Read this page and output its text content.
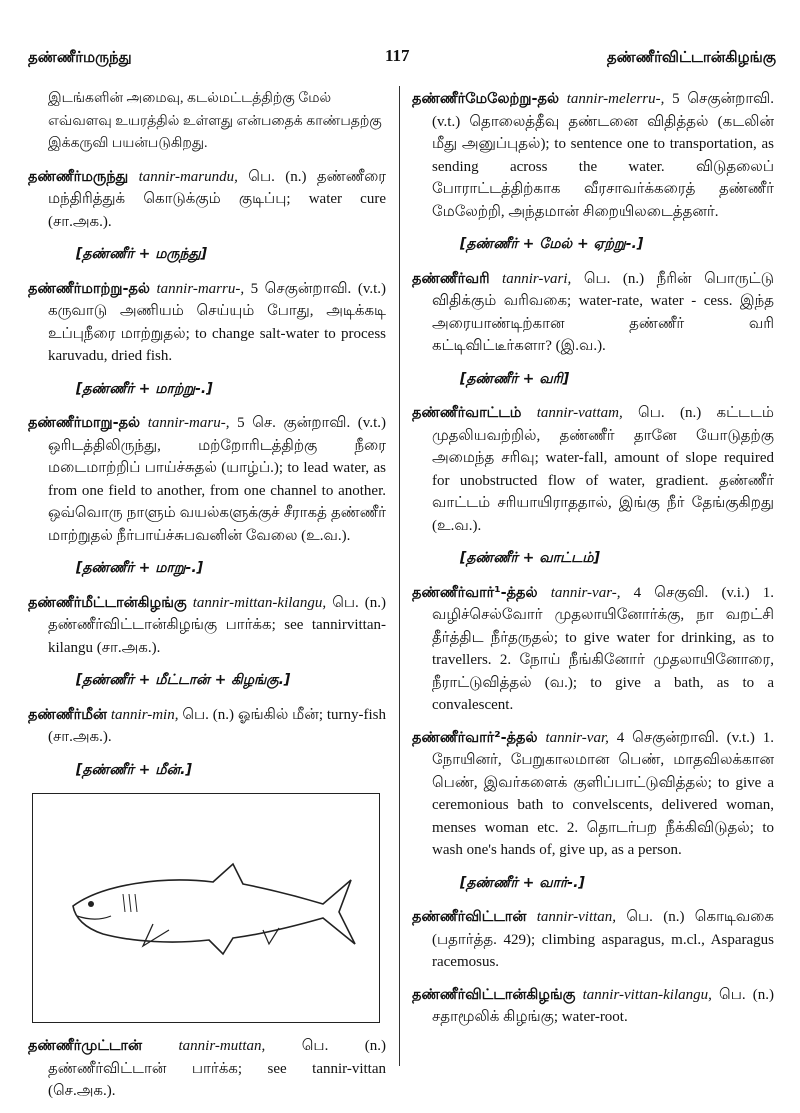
தண்ணீர்மருந்து	117	தண்ணீர்விட்டான்கிழங்கு
இடங்களின் அமைவு, கடல்மட்டத்திற்கு மேல் எவ்வளவு உயரத்தில் உள்ளது என்பதைக் காண்பதற்கு இக்கருவி பயன்படுகிறது.
தண்ணீர்மருந்து tannir-marundu, பெ. (n.) தண்ணீரை மந்திரித்துக் கொடுக்கும் குடிப்பு; water cure (சா.அக.).
[தண்ணீர் + மருந்து]
தண்ணீர்மாற்று-தல் tannir-marru-, 5 செகுன்றாவி. (v.t.) கருவாடு அணியம் செய்யும் போது, அடிக்கடி உப்புநீரை மாற்றுதல்; to change salt-water to process karuvadu, dried fish.
[தண்ணீர் + மாற்று-.]
தண்ணீர்மாறு-தல் tannir-maru-, 5 செ. குன்றாவி. (v.t.) ஒரிடத்திலிருந்து, மற்றோரிடத்திற்கு நீரை மடைமாற்றிப் பாய்ச்சுதல் (யாழ்ப்.); to lead water, as from one field to another, from one channel to another. ஒவ்வொரு நாளும் வயல்களுக்குச் சீராகத் தண்ணீர் மாற்றுதல் நீர்பாய்ச்சுபவனின் வேலை (உ.வ.).
[தண்ணீர் + மாறு-.]
தண்ணீர்மீட்டான்கிழங்கு tannir-mittan-kilangu, பெ. (n.) தண்ணீர்விட்டான்கிழங்கு பார்க்க; see tannirvittan-kilangu (சா.அக.).
[தண்ணீர் + மீட்டான் + கிழங்கு.]
தண்ணீர்மீன் tannir-min, பெ. (n.) ஓங்கில் மீன்; turny-fish (சா.அக.).
[தண்ணீர் + மீன்.]
தண்ணீர்முட்டான் tannir-muttan, பெ. (n.) தண்ணீர்விட்டான் பார்க்க; see tannir-vittan (செ.அக.).
தண்ணீர்மேலேற்று-தல் tannir-melerru-, 5 செகுன்றாவி. (v.t.) தொலைத்தீவு தண்டனை விதித்தல் (கடலின் மீது அனுப்புதல்); to sentence one to transportation, as sending across the water. விடுதலைப் போராட்டத்திற்காக வீரசாவர்க்கரைத் தண்ணீர் மேலேற்றி, அந்தமான் சிறையிலடைத்தனர்.
[தண்ணீர் + மேல் + ஏற்று-.]
தண்ணீர்வரி tannir-vari, பெ. (n.) நீரின் பொருட்டு விதிக்கும் வரிவகை; water-rate, water - cess. இந்த அரையாண்டிற்கான தண்ணீர் வரி கட்டிவிட்டீர்களா? (இ.வ.).
[தண்ணீர் + வரி]
தண்ணீர்வாட்டம் tannir-vattam, பெ. (n.) கட்டடம் முதலியவற்றில், தண்ணீர் தானே யோடுதற்கு அமைந்த சரிவு; water-fall, amount of slope required for unobstructed flow of water, gradient. தண்ணீர் வாட்டம் சரியாயிராததால், இங்கு நீர் தேங்குகிறது (உ.வ.).
[தண்ணீர் + வாட்டம்]
தண்ணீர்வார்¹-த்தல் tannir-var-, 4 செகுவி. (v.i.) 1. வழிச்செல்வோர் முதலாயினோர்க்கு, நா வறட்சி தீர்த்திட நீர்தருதல்; to give water for drinking, as to travellers. 2. நோய் நீங்கினோர் முதலாயினோரை, நீராட்டுவித்தல் (வ.); to give a bath, as to a convalescent.
தண்ணீர்வார்²-த்தல் tannir-var, 4 செகுன்றாவி. (v.t.) 1. நோயினர், பேறுகாலமான பெண், மாதவிலக்கான பெண், இவர்களைக் குளிப்பாட்டுவித்தல்; to give a ceremonious bath to convelscents, delivered woman, menses woman etc. 2. தொடர்பற நீக்கிவிடுதல்; to wash one's hands of, give up, as a person.
[தண்ணீர் + வார்-.]
தண்ணீர்விட்டான் tannir-vittan, பெ. (n.) கொடிவகை (பதார்த்த. 429); climbing asparagus, m.cl., Asparagus racemosus.
தண்ணீர்விட்டான்கிழங்கு tannir-vittan-kilangu, பெ. (n.) சதாமூலிக் கிழங்கு; water-root.
